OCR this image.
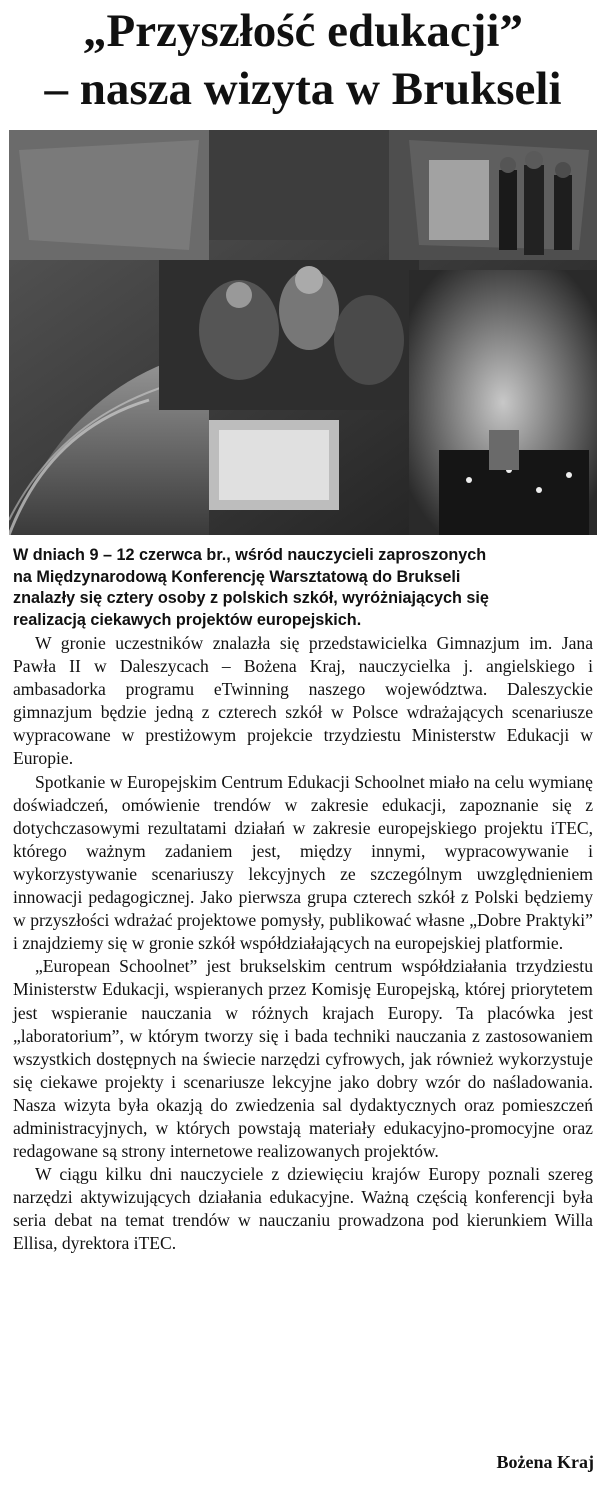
„Przyszłość edukacji”
– nasza wizyta w Brukseli
W dniach 9 – 12 czerwca br., wśród nauczycieli zaproszonych
na Międzynarodową Konferencję Warsztatową do Brukseli
znalazły się cztery osoby z polskich szkół, wyróżniających się
realizacją ciekawych projektów europejskich.

W gronie uczestników znalazła się przedstawicielka Gimnazjum im. Jana Pawła II w Daleszycach – Bożena Kraj, nauczycielka j. angielskiego i ambasadorka programu eTwinning naszego województwa. Daleszyckie gimnazjum będzie jedną z czterech szkół w Polsce wdrażających scenariusze wypracowane w prestiżowym projekcie trzydziestu Ministerstw Edukacji w Europie.

Spotkanie w Europejskim Centrum Edukacji Schoolnet miało na celu wymianę doświadczeń, omówienie trendów w zakresie edukacji, zapoznanie się z dotychczasowymi rezultatami działań w zakresie europejskiego projektu iTEC, którego ważnym zadaniem jest, między innymi, wypracowywanie i wykorzystywanie scenariuszy lekcyjnych ze szczególnym uwzględnieniem innowacji pedagogicznej. Jako pierwsza grupa czterech szkół z Polski będziemy w przyszłości wdrażać projektowe pomysły, publikować własne „Dobre Praktyki” i znajdziemy się w gronie szkół współdziałających na europejskiej platformie.

„European Schoolnet” jest brukselskim centrum współdziałania trzydziestu Ministerstw Edukacji, wspieranych przez Komisję Europejską, której priorytetem jest wspieranie nauczania w różnych krajach Europy. Ta placówka jest „laboratorium”, w którym tworzy się i bada techniki nauczania z zastosowaniem wszystkich dostępnych na świecie narzędzi cyfrowych, jak również wykorzystuje się ciekawe projekty i scenariusze lekcyjne jako dobry wzór do naśladowania. Nasza wizyta była okazją do zwiedzenia sal dydaktycznych oraz pomieszczeń administracyjnych, w których powstają materiały edukacyjno-promocyjne oraz redagowane są strony internetowe realizowanych projektów.

W ciągu kilku dni nauczyciele z dziewięciu krajów Europy poznali szereg narzędzi aktywizujących działania edukacyjne. Ważną częścią konferencji była seria debat na temat trendów w nauczaniu prowadzona pod kierunkiem Willa Ellisa, dyrektora iTEC.

Bożena Kraj
